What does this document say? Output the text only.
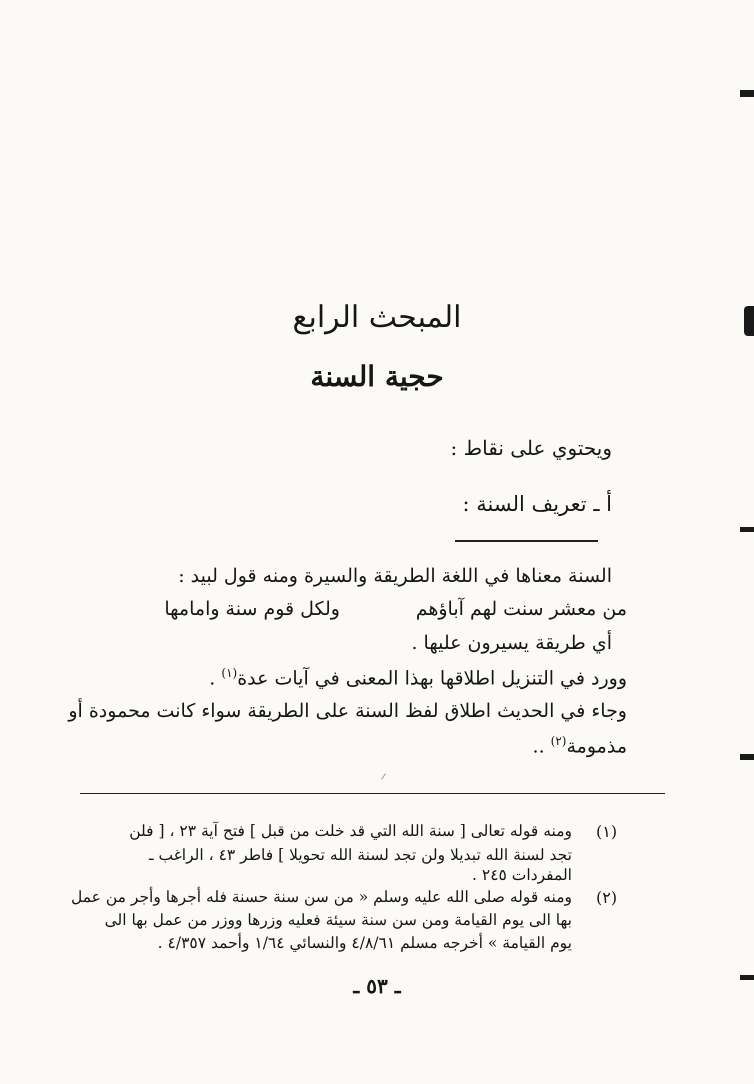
المبحث الرابع
حجية السنة
ويحتوي على نقاط :
أ ـ تعريف السنة :
السنة معناها في اللغة الطريقة والسيرة ومنه قول لبيد :
من معشر سنت لهم آباؤهم
ولكل قوم سنة وامامها
أي طريقة يسيرون عليها .
وورد في التنزيل اطلاقها بهذا المعنى في آيات عدة$^{(١)}$ .
وجاء في الحديث اطلاق لفظ السنة على الطريقة سواء كانت محمودة أو
مذمومة$^{(٢)}$ ..
(١)
ومنه قوله تعالى [ سنة الله التي قد خلت من قبل ] فتح آية ٢٣ ، [ فلن
تجد لسنة الله تبديلا ولن تجد لسنة الله تحويلا ] فاطر ٤٣ ، الراغب ـ
المفردات ٢٤٥ .
(٢)
ومنه قوله صلى الله عليه وسلم « من سن سنة حسنة فله أجرها وأجر من عمل
بها الى يوم القيامة ومن سن سنة سيئة فعليه وزرها ووزر من عمل بها الى
يوم القيامة » أخرجه مسلم ٤/٨/٦١ والنسائي ١/٦٤ وأحمد ٤/٣٥٧ .
ـ ٥٣ ـ
